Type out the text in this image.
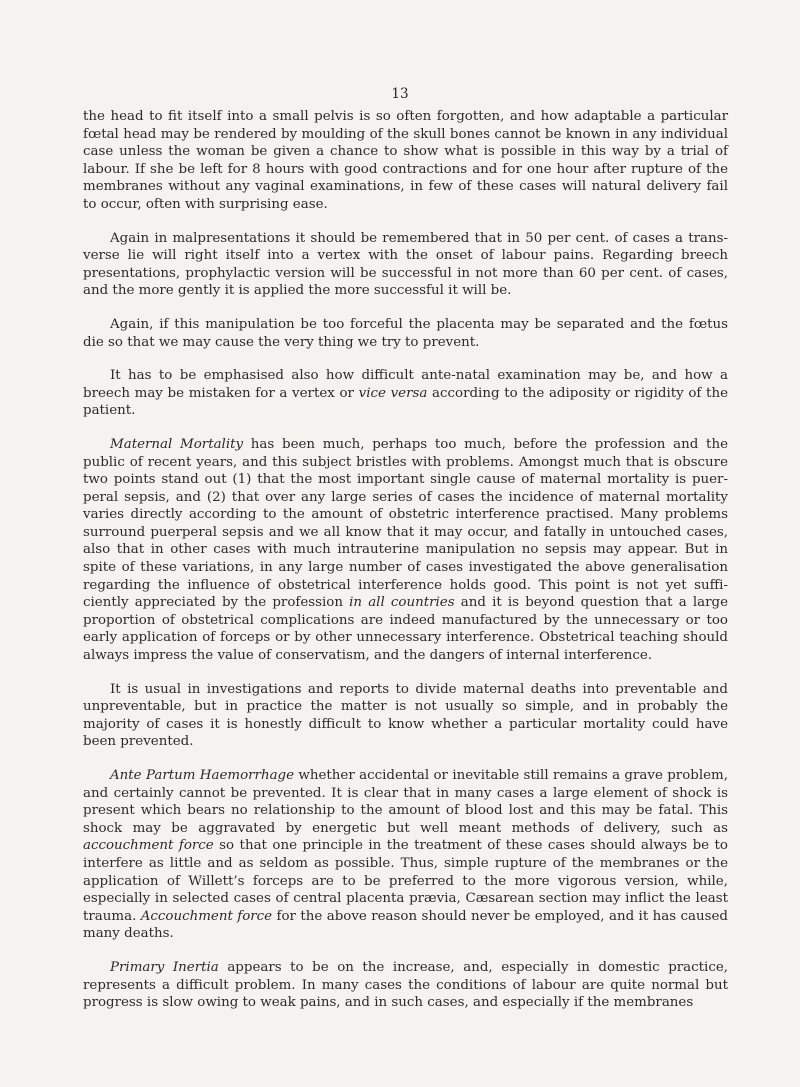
13

the head to fit itself into a small pelvis is so often forgotten, and how adaptable a particular fœtal head may be rendered by moulding of the skull bones cannot be known in any individual case unless the woman be given a chance to show what is possible in this way by a trial of labour. If she be left for 8 hours with good contractions and for one hour after rupture of the membranes without any vaginal examinations, in few of these cases will natural delivery fail to occur, often with surprising ease.

Again in malpresentations it should be remembered that in 50 per cent. of cases a trans-verse lie will right itself into a vertex with the onset of labour pains. Regarding breech presentations, prophylactic version will be successful in not more than 60 per cent. of cases, and the more gently it is applied the more successful it will be.

Again, if this manipulation be too forceful the placenta may be separated and the fœtus die so that we may cause the very thing we try to prevent.

It has to be emphasised also how difficult ante-natal examination may be, and how a breech may be mistaken for a vertex or vice versa according to the adiposity or rigidity of the patient.

Maternal Mortality has been much, perhaps too much, before the profession and the public of recent years, and this subject bristles with problems. Amongst much that is obscure two points stand out (1) that the most important single cause of maternal mortality is puer-peral sepsis, and (2) that over any large series of cases the incidence of maternal mortality varies directly according to the amount of obstetric interference practised. Many problems surround puerperal sepsis and we all know that it may occur, and fatally in untouched cases, also that in other cases with much intrauterine manipulation no sepsis may appear. But in spite of these variations, in any large number of cases investigated the above generalisation regarding the influence of obstetrical interference holds good. This point is not yet suffi-ciently appreciated by the profession in all countries and it is beyond question that a large proportion of obstetrical complications are indeed manufactured by the unnecessary or too early application of forceps or by other unnecessary interference. Obstetrical teaching should always impress the value of conservatism, and the dangers of internal interference.

It is usual in investigations and reports to divide maternal deaths into preventable and unpreventable, but in practice the matter is not usually so simple, and in probably the majority of cases it is honestly difficult to know whether a particular mortality could have been prevented.

Ante Partum Haemorrhage whether accidental or inevitable still remains a grave problem, and certainly cannot be prevented. It is clear that in many cases a large element of shock is present which bears no relationship to the amount of blood lost and this may be fatal. This shock may be aggravated by energetic but well meant methods of delivery, such as accouchment force so that one principle in the treatment of these cases should always be to interfere as little and as seldom as possible. Thus, simple rupture of the membranes or the application of Willett’s forceps are to be preferred to the more vigorous version, while, especially in selected cases of central placenta prævia, Cæsarean section may inflict the least trauma. Accouchment force for the above reason should never be employed, and it has caused many deaths.

Primary Inertia appears to be on the increase, and, especially in domestic practice, represents a difficult problem. In many cases the conditions of labour are quite normal but progress is slow owing to weak pains, and in such cases, and especially if the membranes
